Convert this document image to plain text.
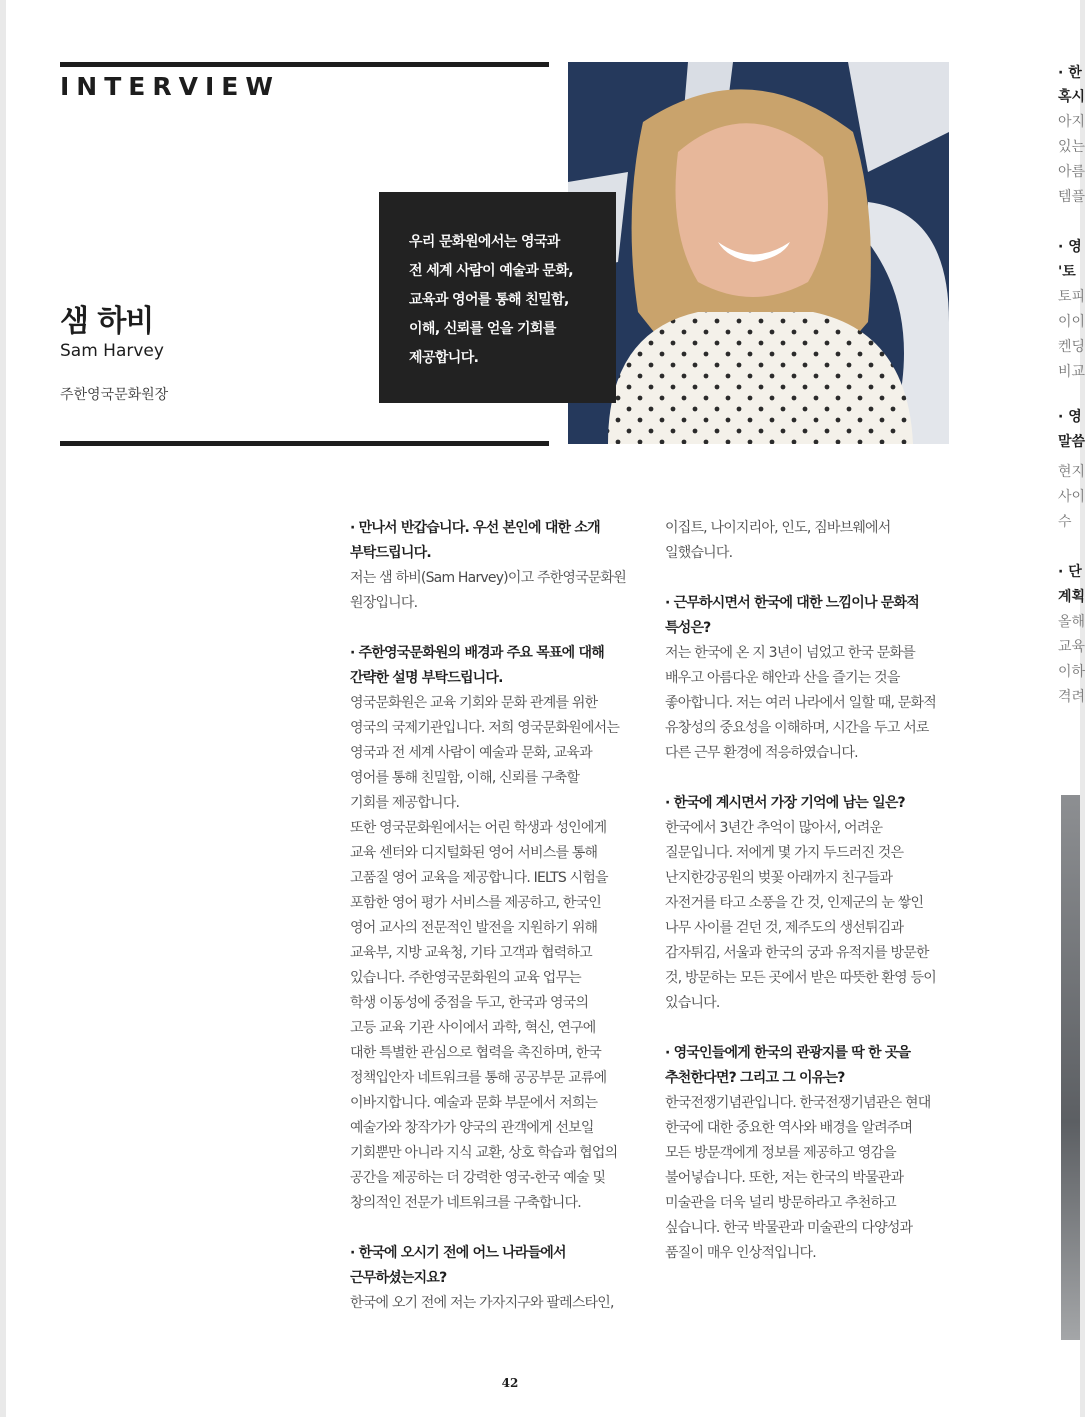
INTERVIEW
샘 하비
Sam Harvey
주한영국문화원장
우리 문화원에서는 영국과
전 세계 사람이 예술과 문화,
교육과 영어를 통해 친밀함,
이해, 신뢰를 얻을 기회를
제공합니다.
· 만나서 반갑습니다. 우선 본인에 대한 소개
부탁드립니다.
저는 샘 하비(Sam Harvey)이고 주한영국문화원
원장입니다.
· 주한영국문화원의 배경과 주요 목표에 대해
간략한 설명 부탁드립니다.
영국문화원은 교육 기회와 문화 관계를 위한
영국의 국제기관입니다. 저희 영국문화원에서는
영국과 전 세계 사람이 예술과 문화, 교육과
영어를 통해 친밀함, 이해, 신뢰를 구축할
기회를 제공합니다.
또한 영국문화원에서는 어린 학생과 성인에게
교육 센터와 디지털화된 영어 서비스를 통해
고품질 영어 교육을 제공합니다. IELTS 시험을
포함한 영어 평가 서비스를 제공하고, 한국인
영어 교사의 전문적인 발전을 지원하기 위해
교육부, 지방 교육청, 기타 고객과 협력하고
있습니다. 주한영국문화원의 교육 업무는
학생 이동성에 중점을 두고, 한국과 영국의
고등 교육 기관 사이에서 과학, 혁신, 연구에
대한 특별한 관심으로 협력을 촉진하며, 한국
정책입안자 네트워크를 통해 공공부문 교류에
이바지합니다. 예술과 문화 부문에서 저희는
예술가와 창작가가 양국의 관객에게 선보일
기회뿐만 아니라 지식 교환, 상호 학습과 협업의
공간을 제공하는 더 강력한 영국-한국 예술 및
창의적인 전문가 네트워크를 구축합니다.
· 한국에 오시기 전에 어느 나라들에서
근무하셨는지요?
한국에 오기 전에 저는 가자지구와 팔레스타인,
이집트, 나이지리아, 인도, 짐바브웨에서
일했습니다.
· 근무하시면서 한국에 대한 느낌이나 문화적
특성은?
저는 한국에 온 지 3년이 넘었고 한국 문화를
배우고 아름다운 해안과 산을 즐기는 것을
좋아합니다. 저는 여러 나라에서 일할 때, 문화적
유창성의 중요성을 이해하며, 시간을 두고 서로
다른 근무 환경에 적응하였습니다.
· 한국에 계시면서 가장 기억에 남는 일은?
한국에서 3년간 추억이 많아서, 어려운
질문입니다. 저에게 몇 가지 두드러진 것은
난지한강공원의 벚꽃 아래까지 친구들과
자전거를 타고 소풍을 간 것, 인제군의 눈 쌓인
나무 사이를 걷던 것, 제주도의 생선튀김과
감자튀김, 서울과 한국의 궁과 유적지를 방문한
것, 방문하는 모든 곳에서 받은 따뜻한 환영 등이
있습니다.
· 영국인들에게 한국의 관광지를 딱 한 곳을
추천한다면? 그리고 그 이유는?
한국전쟁기념관입니다. 한국전쟁기념관은 현대
한국에 대한 중요한 역사와 배경을 알려주며
모든 방문객에게 정보를 제공하고 영감을
불어넣습니다. 또한, 저는 한국의 박물관과
미술관을 더욱 널리 방문하라고 추천하고
싶습니다. 한국 박물관과 미술관의 다양성과
품질이 매우 인상적입니다.
42
· 한
혹시
아지
있는
아름
템플
· 영
'토
토피
이이
켄딩
비교
· 영
말씀
현지
사이
수
· 단
계획
올해
교육
이하
격려
